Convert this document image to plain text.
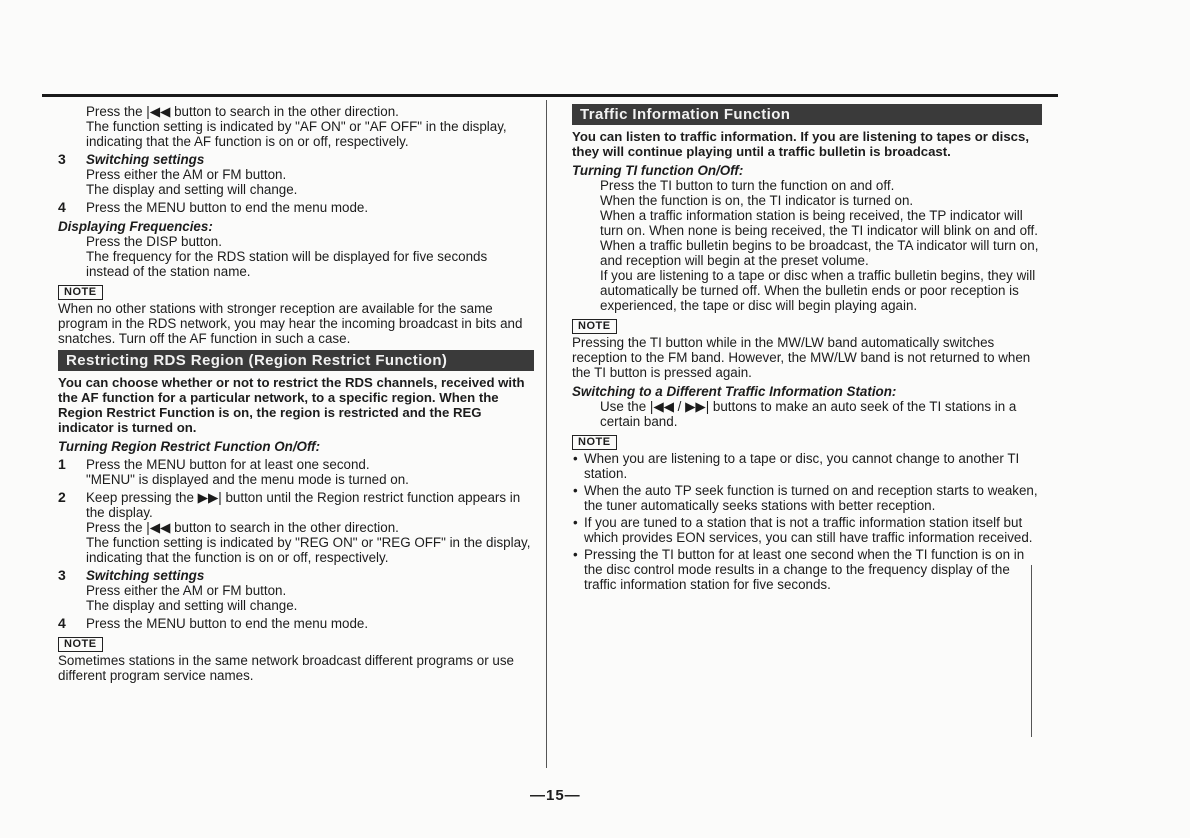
Press the |◀◀ button to search in the other direction.
The function setting is indicated by "AF ON" or "AF OFF" in the display, indicating that the AF function is on or off, respectively.
3	Switching settings
Press either the AM or FM button.
The display and setting will change.
4	Press the MENU button to end the menu mode.
Displaying Frequencies:
Press the DISP button.
The frequency for the RDS station will be displayed for five seconds instead of the station name.
NOTE
When no other stations with stronger reception are available for the same program in the RDS network, you may hear the incoming broadcast in bits and snatches. Turn off the AF function in such a case.
Restricting RDS Region (Region Restrict Function)
You can choose whether or not to restrict the RDS channels, received with the AF function for a particular network, to a specific region. When the Region Restrict Function is on, the region is restricted and the REG indicator is turned on.
Turning Region Restrict Function On/Off:
1	Press the MENU button for at least one second.
"MENU" is displayed and the menu mode is turned on.
2	Keep pressing the ▶▶| button until the Region restrict function appears in the display.
Press the |◀◀ button to search in the other direction.
The function setting is indicated by "REG ON" or "REG OFF" in the display, indicating that the function is on or off, respectively.
3	Switching settings
Press either the AM or FM button.
The display and setting will change.
4	Press the MENU button to end the menu mode.
NOTE
Sometimes stations in the same network broadcast different programs or use different program service names.
Traffic Information Function
You can listen to traffic information. If you are listening to tapes or discs, they will continue playing until a traffic bulletin is broadcast.
Turning TI function On/Off:
Press the TI button to turn the function on and off.
When the function is on, the TI indicator is turned on.
When a traffic information station is being received, the TP indicator will turn on. When none is being received, the TI indicator will blink on and off.
When a traffic bulletin begins to be broadcast, the TA indicator will turn on, and reception will begin at the preset volume.
If you are listening to a tape or disc when a traffic bulletin begins, they will automatically be turned off. When the bulletin ends or poor reception is experienced, the tape or disc will begin playing again.
NOTE
Pressing the TI button while in the MW/LW band automatically switches reception to the FM band. However, the MW/LW band is not returned to when the TI button is pressed again.
Switching to a Different Traffic Information Station:
Use the |◀◀ / ▶▶| buttons to make an auto seek of the TI stations in a certain band.
NOTE
• When you are listening to a tape or disc, you cannot change to another TI station.
• When the auto TP seek function is turned on and reception starts to weaken, the tuner automatically seeks stations with better reception.
• If you are tuned to a station that is not a traffic information station itself but which provides EON services, you can still have traffic information received.
• Pressing the TI button for at least one second when the TI function is on in the disc control mode results in a change to the frequency display of the traffic information station for five seconds.
—15—
